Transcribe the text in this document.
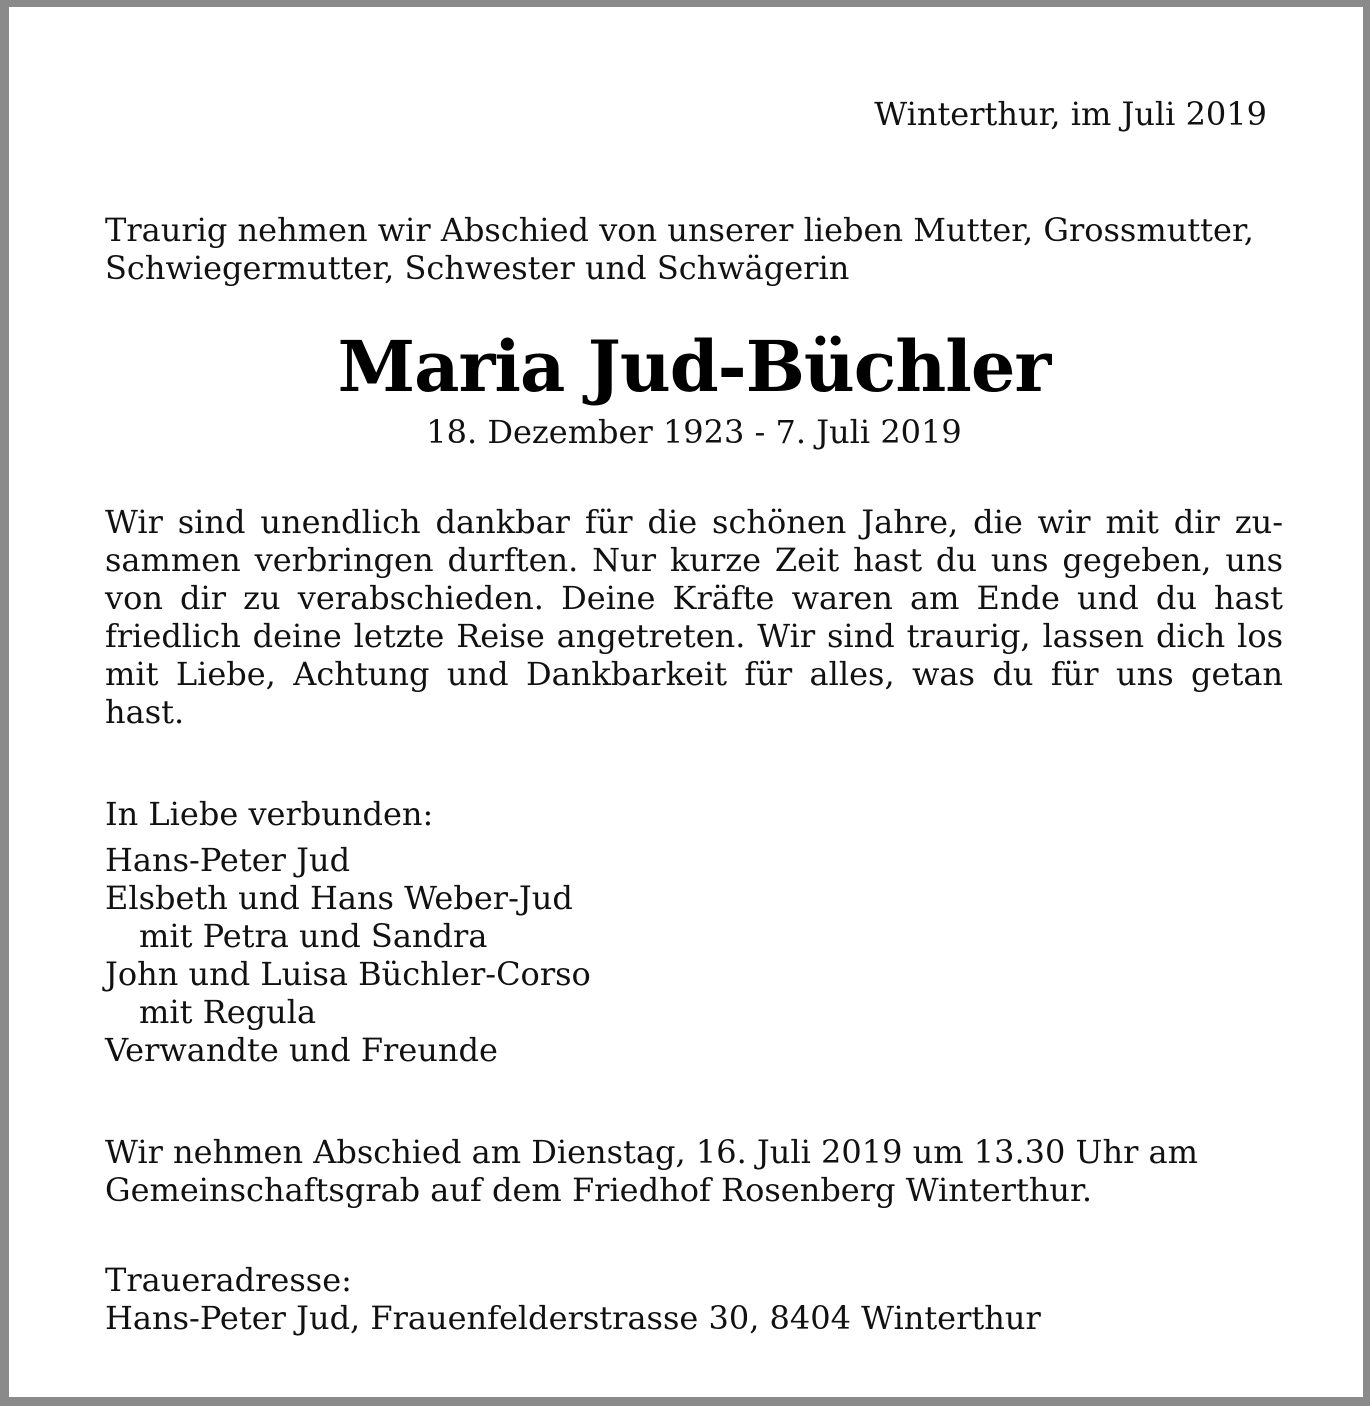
Winterthur, im Juli 2019

Traurig nehmen wir Abschied von unserer lieben Mutter, Grossmutter,
Schwiegermutter, Schwester und Schwägerin

Maria Jud-Büchler

18. Dezember 1923 - 7. Juli 2019

Wir sind unendlich dankbar für die schönen Jahre, die wir mit dir zu-
sammen verbringen durften. Nur kurze Zeit hast du uns gegeben, uns
von dir zu verabschieden. Deine Kräfte waren am Ende und du hast
friedlich deine letzte Reise angetreten. Wir sind traurig, lassen dich los
mit Liebe, Achtung und Dankbarkeit für alles, was du für uns getan
hast.
In Liebe verbunden:
Hans-Peter Jud
Elsbeth und Hans Weber-Jud
mit Petra und Sandra
John und Luisa Büchler-Corso
mit Regula
Verwandte und Freunde
Wir nehmen Abschied am Dienstag, 16. Juli 2019 um 13.30 Uhr am
Gemeinschaftsgrab auf dem Friedhof Rosenberg Winterthur.
Traueradresse:
Hans-Peter Jud, Frauenfelderstrasse 30, 8404 Winterthur
